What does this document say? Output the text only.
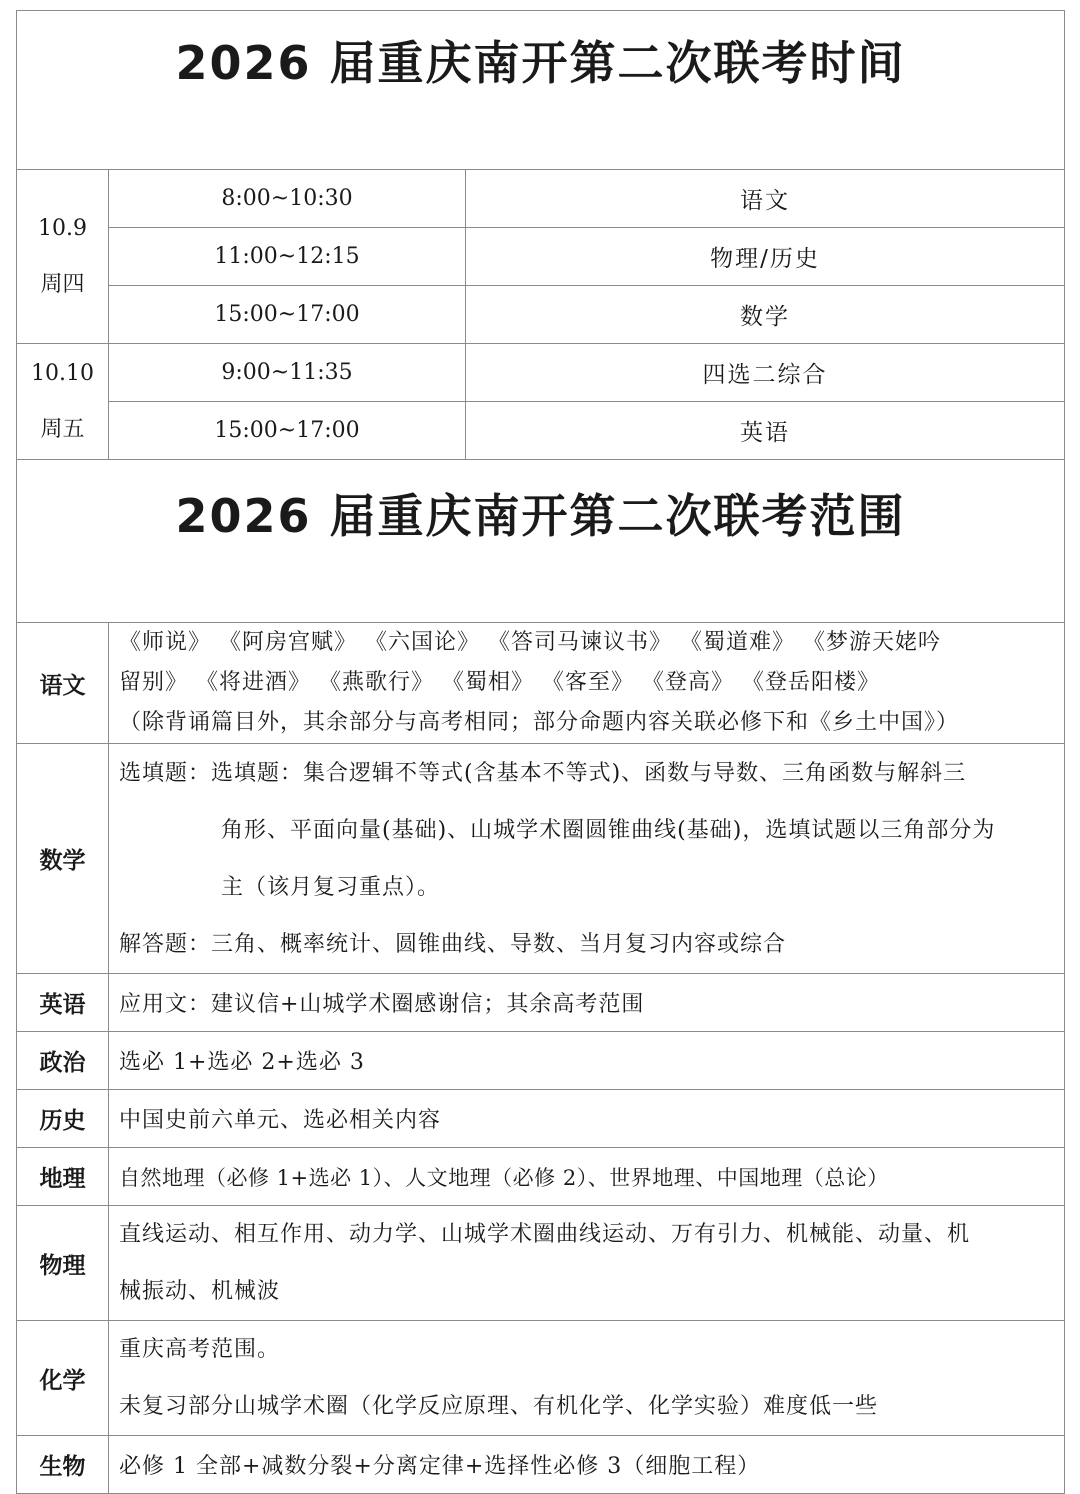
2026 届重庆南开第二次联考时间		

10.9
周四	8:00~10:30	语文
	11:00~12:15	物理/历史
	15:00~17:00	数学

10.10
周五	9:00~11:35	四选二综合
	15:00~17:00	英语
2026 届重庆南开第二次联考范围		
语文	《师说》 《阿房宫赋》 《六国论》 《答司马谏议书》 《蜀道难》 《梦游天姥吟
留别》 《将进酒》 《燕歌行》 《蜀相》 《客至》 《登高》 《登岳阳楼》
（除背诵篇目外，其余部分与高考相同；部分命题内容关联必修下和《乡土中国》）	

数学	选填题：选填题：集合逻辑不等式(含基本不等式)、函数与导数、三角函数与解斜三
角形、平面向量(基础)、山城学术圈圆锥曲线(基础)，选填试题以三角部分为
主（该月复习重点）。
解答题：三角、概率统计、圆锥曲线、导数、当月复习内容或综合	

英语	应用文：建议信+山城学术圈感谢信；其余高考范围	

政治	选必 1+选必 2+选必 3	

历史	中国史前六单元、选必相关内容	

地理	自然地理（必修 1+选必 1）、人文地理（必修 2）、世界地理、中国地理（总论）	

物理	直线运动、相互作用、动力学、山城学术圈曲线运动、万有引力、机械能、动量、机
械振动、机械波	

化学	重庆高考范围。
未复习部分山城学术圈（化学反应原理、有机化学、化学实验）难度低一些	

生物	必修 1 全部+减数分裂+分离定律+选择性必修 3（细胞工程）	
